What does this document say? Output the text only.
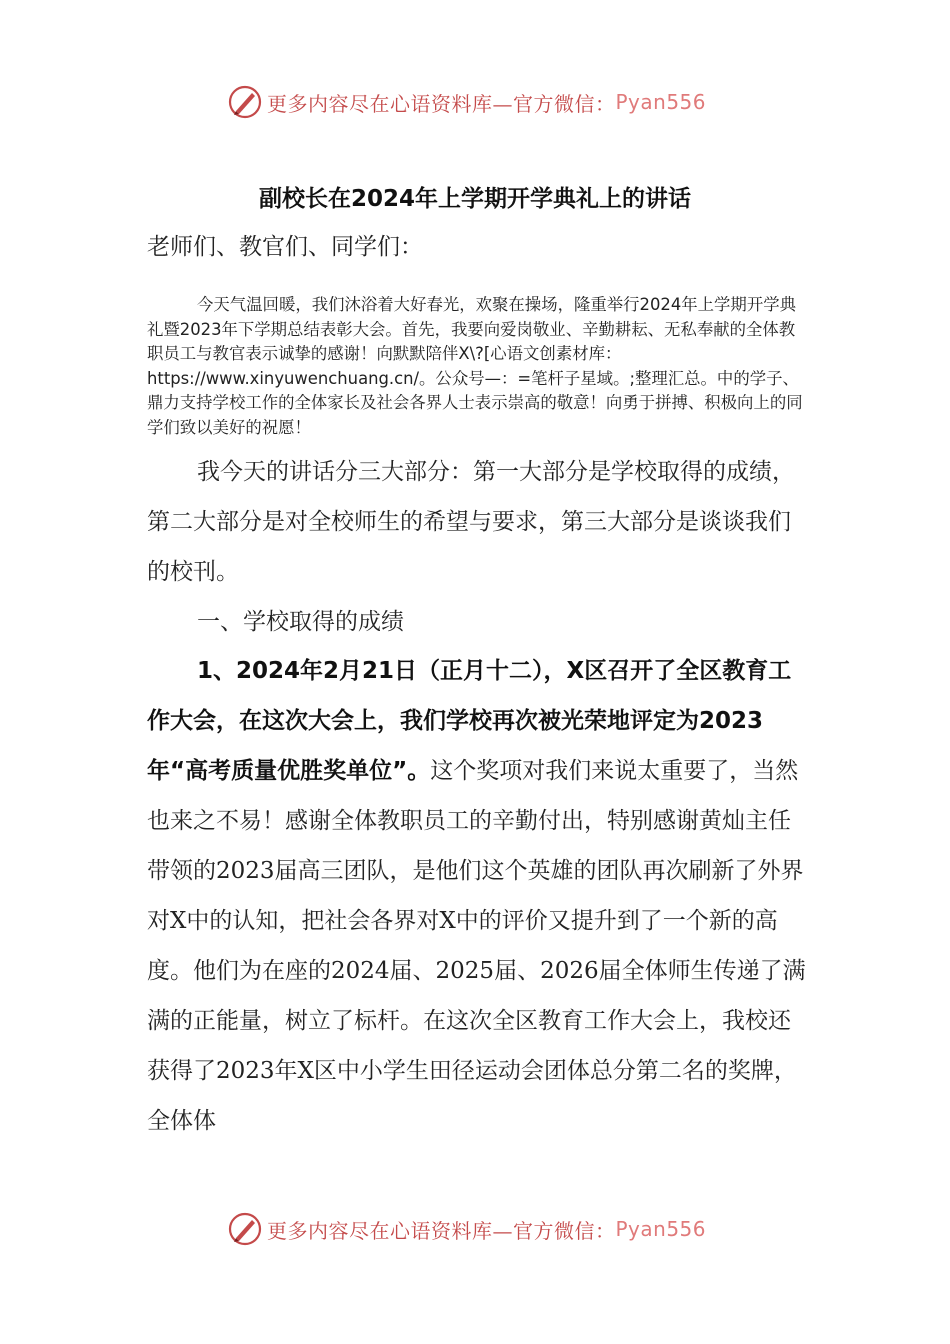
更多内容尽在心语资料库—官方微信： Pyan556
副校长在2024年上学期开学典礼上的讲话
老师们、教官们、同学们：

今天气温回暖，我们沐浴着大好春光，欢聚在操场，隆重举行2024年上学期开学典礼暨2023年下学期总结表彰大会。首先，我要向爱岗敬业、辛勤耕耘、无私奉献的全体教职员工与教官表示诚挚的感谢！向默默陪伴X\?[心语文创素材库：https://www.xinyuwenchuang.cn/。公众号—：=笔杆子星域。;整理汇总。中的学子、鼎力支持学校工作的全体家长及社会各界人士表示崇高的敬意！向勇于拼搏、积极向上的同学们致以美好的祝愿！

我今天的讲话分三大部分：第一大部分是学校取得的成绩，第二大部分是对全校师生的希望与要求，第三大部分是谈谈我们的校刊。

一、学校取得的成绩

1、2024年2月21日（正月十二），X区召开了全区教育工作大会，在这次大会上，我们学校再次被光荣地评定为2023年“高考质量优胜奖单位”。这个奖项对我们来说太重要了，当然也来之不易！感谢全体教职员工的辛勤付出，特别感谢黄灿主任带领的2023届高三团队，是他们这个英雄的团队再次刷新了外界对X中的认知，把社会各界对X中的评价又提升到了一个新的高度。他们为在座的2024届、2025届、2026届全体师生传递了满满的正能量，树立了标杆。在这次全区教育工作大会上，我校还获得了2023年X区中小学生田径运动会团体总分第二名的奖牌，全体体

更多内容尽在心语资料库—官方微信： Pyan556
